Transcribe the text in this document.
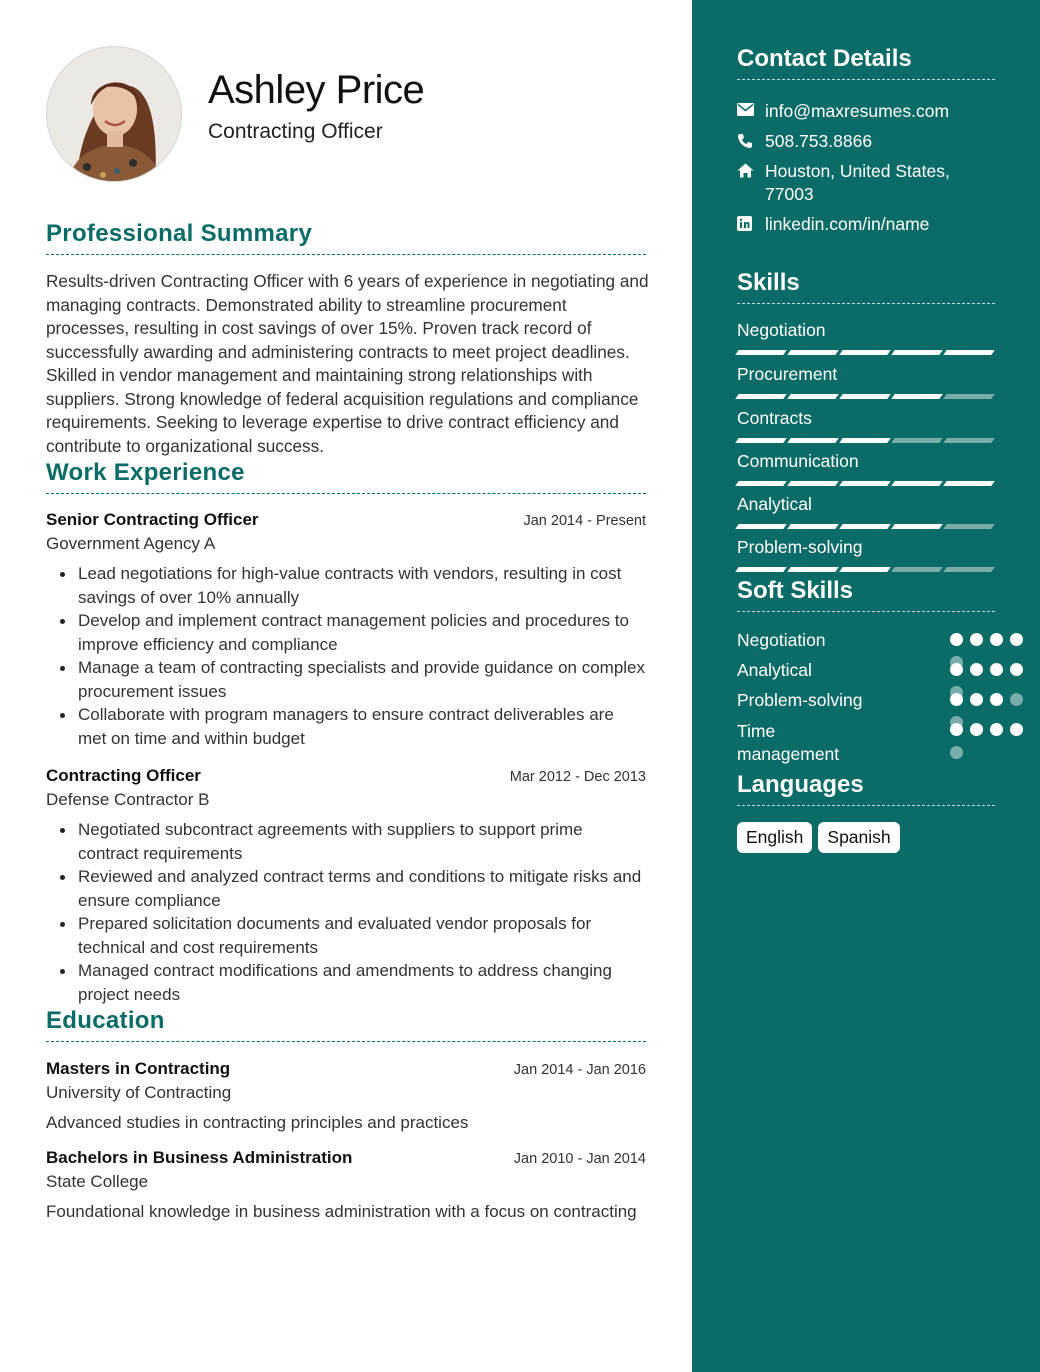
Ashley Price
Contracting Officer
Professional Summary
Results-driven Contracting Officer with 6 years of experience in negotiating and managing contracts. Demonstrated ability to streamline procurement processes, resulting in cost savings of over 15%. Proven track record of successfully awarding and administering contracts to meet project deadlines. Skilled in vendor management and maintaining strong relationships with suppliers. Strong knowledge of federal acquisition regulations and compliance requirements. Seeking to leverage expertise to drive contract efficiency and contribute to organizational success.
Work Experience
Senior Contracting Officer	Jan 2014 - Present
Government Agency A
Lead negotiations for high-value contracts with vendors, resulting in cost savings of over 10% annually
Develop and implement contract management policies and procedures to improve efficiency and compliance
Manage a team of contracting specialists and provide guidance on complex procurement issues
Collaborate with program managers to ensure contract deliverables are met on time and within budget
Contracting Officer	Mar 2012 - Dec 2013
Defense Contractor B
Negotiated subcontract agreements with suppliers to support prime contract requirements
Reviewed and analyzed contract terms and conditions to mitigate risks and ensure compliance
Prepared solicitation documents and evaluated vendor proposals for technical and cost requirements
Managed contract modifications and amendments to address changing project needs
Education
Masters in Contracting	Jan 2014 - Jan 2016
University of Contracting
Advanced studies in contracting principles and practices
Bachelors in Business Administration	Jan 2010 - Jan 2014
State College
Foundational knowledge in business administration with a focus on contracting
Contact Details
info@maxresumes.com
508.753.8866
Houston, United States, 77003
linkedin.com/in/name
Skills
Negotiation
Procurement
Contracts
Communication
Analytical
Problem-solving
Soft Skills
Negotiation
Analytical
Problem-solving
Time management
Languages
English	Spanish
